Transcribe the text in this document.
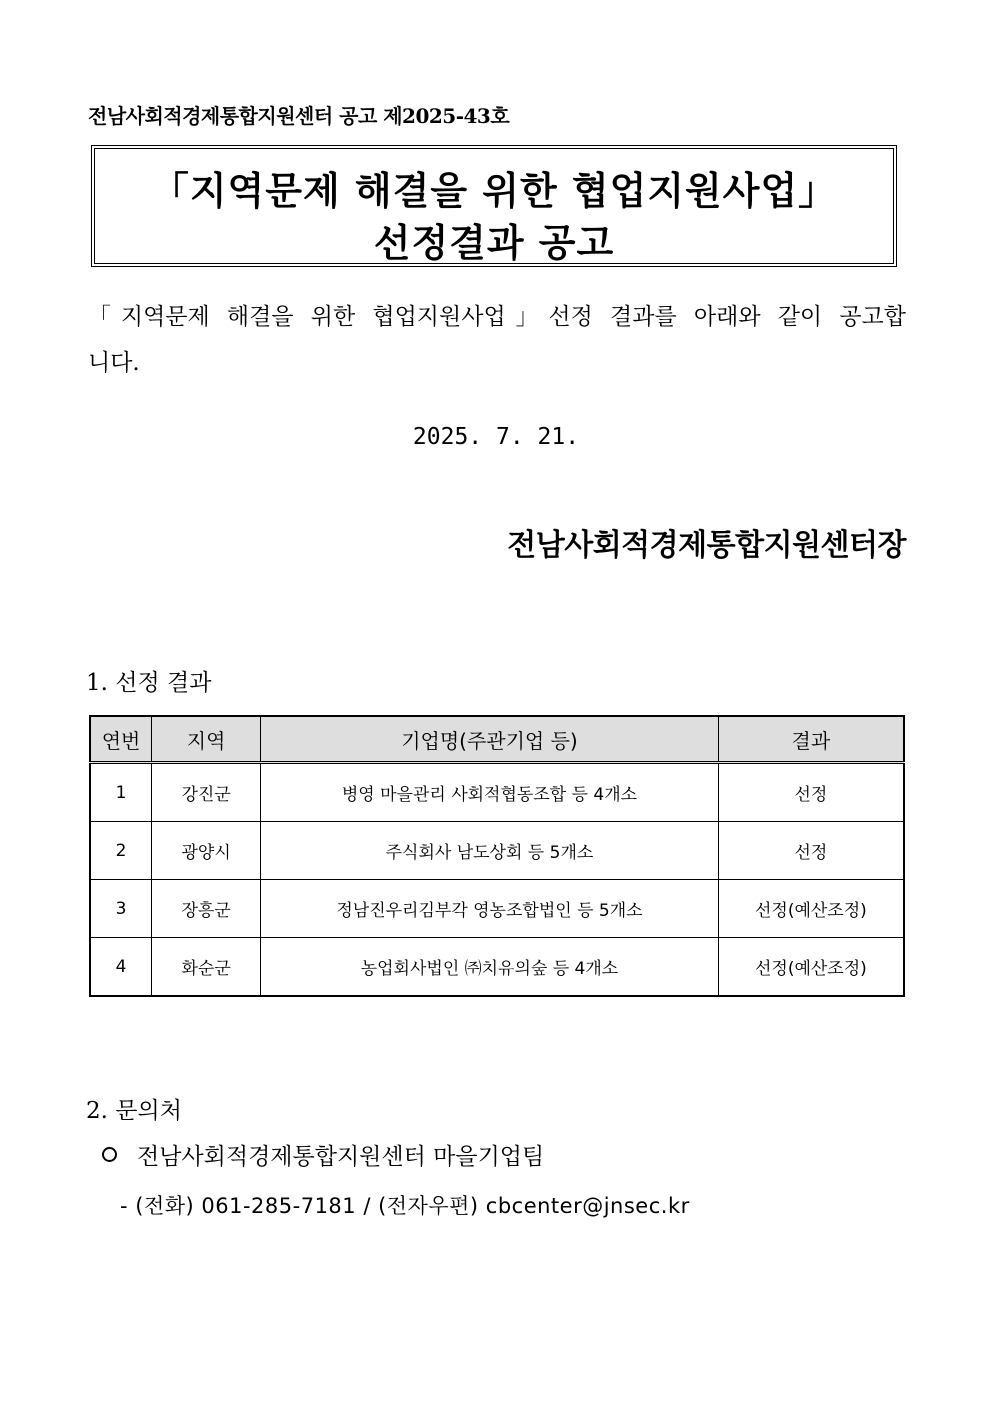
전남사회적경제통합지원센터 공고 제2025-43호
「지역문제 해결을 위한 협업지원사업」
선정결과 공고
「지역문제 해결을 위한 협업지원사업」선정 결과를 아래와 같이 공고합
니다.
2025. 7. 21.
전남사회적경제통합지원센터장
1. 선정 결과
연번	지역	기업명(주관기업 등)	결과
1	강진군	병영 마을관리 사회적협동조합 등 4개소	선정
2	광양시	주식회사 남도상회 등 5개소	선정
3	장흥군	정남진우리김부각 영농조합법인 등 5개소	선정(예산조정)
4	화순군	농업회사법인 ㈜치유의숲 등 4개소	선정(예산조정)
2. 문의처
전남사회적경제통합지원센터 마을기업팀
- (전화) 061-285-7181 / (전자우편) cbcenter@jnsec.kr
